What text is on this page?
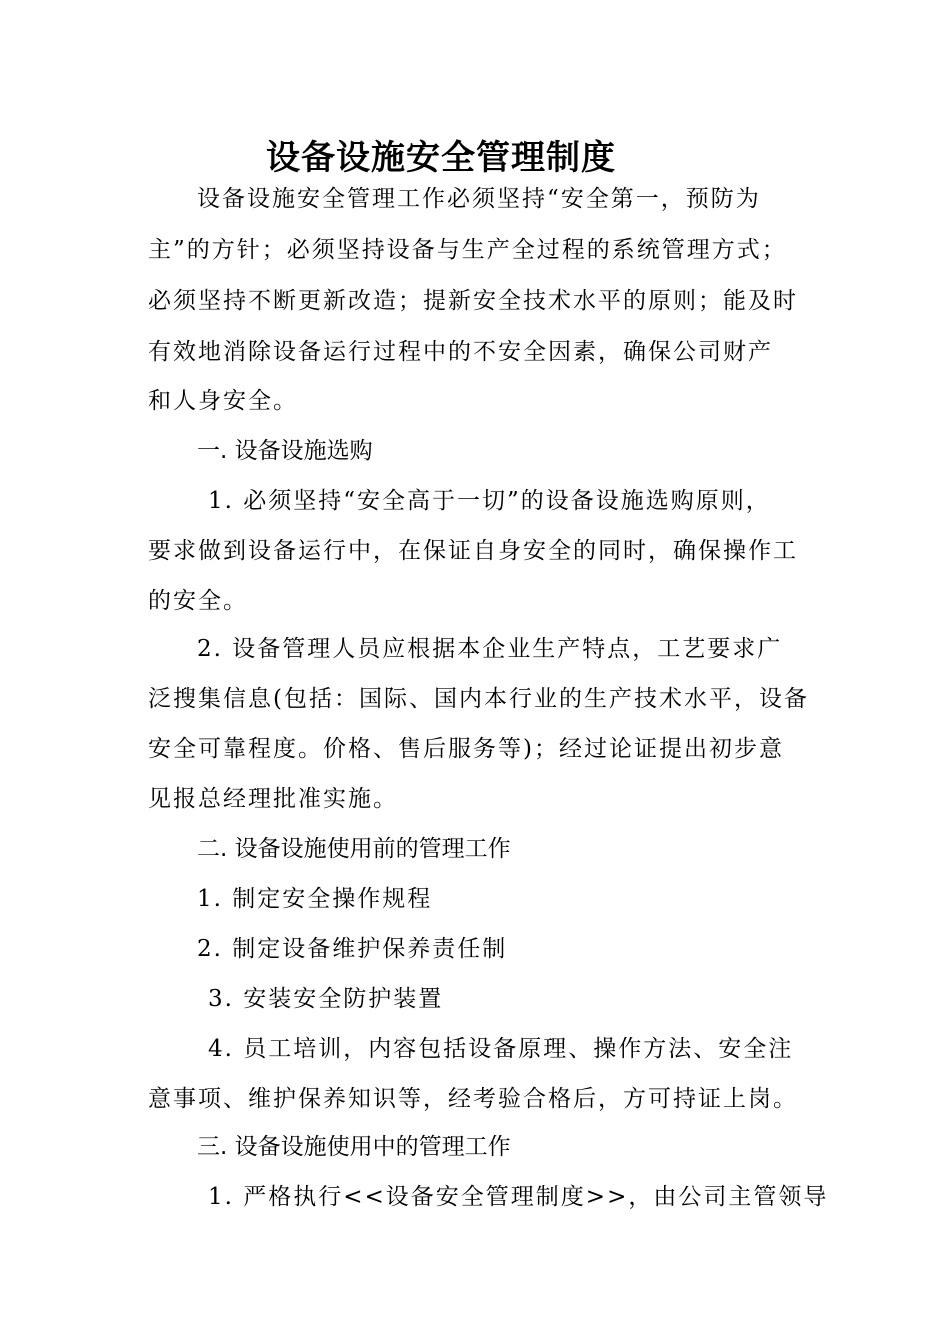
设备设施安全管理制度
设备设施安全管理工作必须坚持“安全第一，预防为
主”的方针；必须坚持设备与生产全过程的系统管理方式；
必须坚持不断更新改造；提新安全技术水平的原则；能及时
有效地消除设备运行过程中的不安全因素，确保公司财产
和人身安全。
一. 设备设施选购
1. 必须坚持“安全高于一切”的设备设施选购原则，
要求做到设备运行中，在保证自身安全的同时，确保操作工
的安全。
2. 设备管理人员应根据本企业生产特点，工艺要求广
泛搜集信息(包括：国际、国内本行业的生产技术水平，设备
安全可靠程度。价格、售后服务等)；经过论证提出初步意
见报总经理批准实施。
二. 设备设施使用前的管理工作
1. 制定安全操作规程
2. 制定设备维护保养责任制
3. 安装安全防护装置
4. 员工培训，内容包括设备原理、操作方法、安全注
意事项、维护保养知识等，经考验合格后，方可持证上岗。
三. 设备设施使用中的管理工作
1. 严格执行<<设备安全管理制度>>，由公司主管领导
